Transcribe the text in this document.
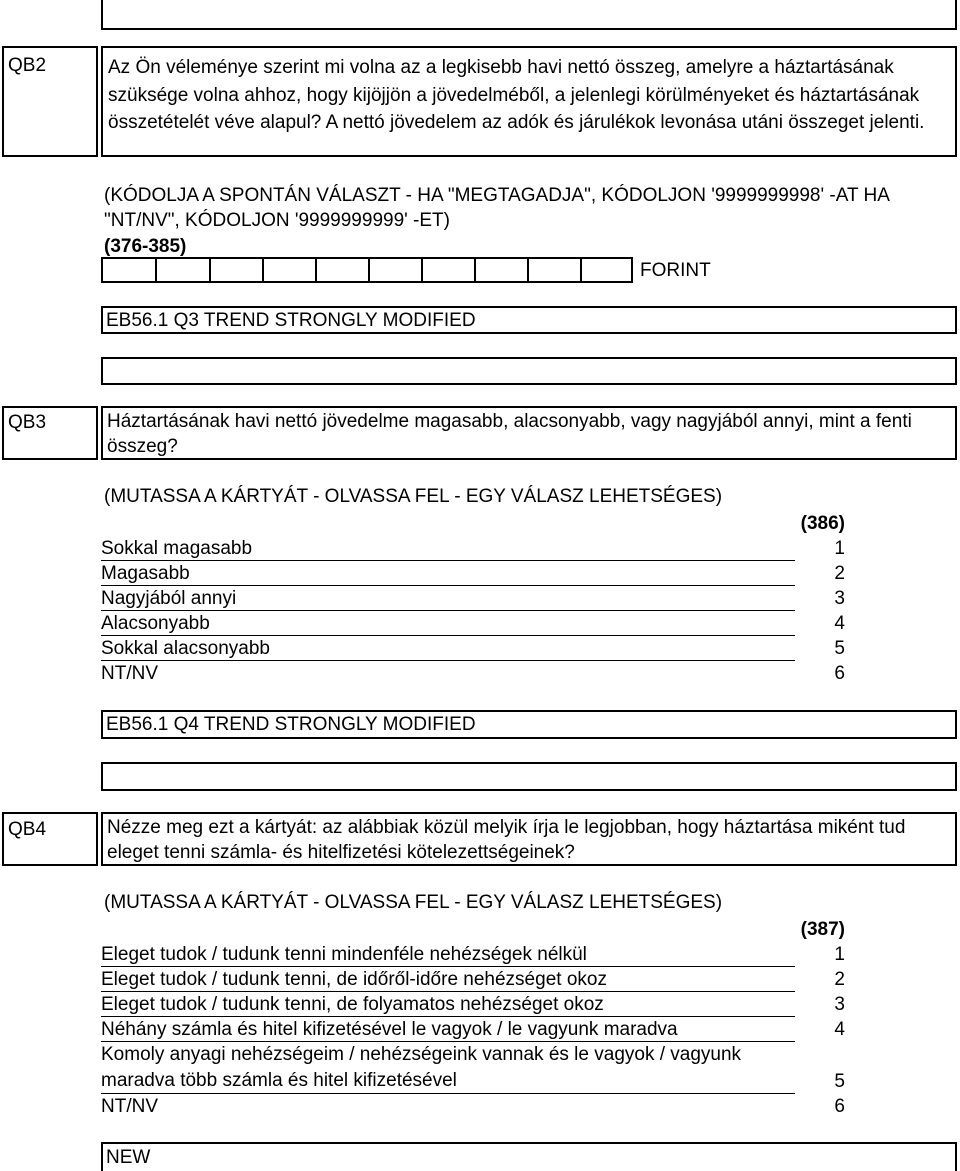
QB2	Az Ön véleménye szerint mi volna az a legkisebb havi nettó összeg, amelyre a háztartásának szüksége volna ahhoz, hogy kijöjjön a jövedelméből, a jelenlegi körülményeket és háztartásának összetételét véve alapul? A nettó jövedelem az adók és járulékok levonása utáni összeget jelenti.
(KÓDOLJA A SPONTÁN VÁLASZT - HA "MEGTAGADJA", KÓDOLJON '9999999998' -AT HA "NT/NV", KÓDOLJON '9999999999' -ET)
(376-385)
FORINT
EB56.1 Q3 TREND STRONGLY MODIFIED
QB3	Háztartásának havi nettó jövedelme magasabb, alacsonyabb, vagy nagyjából annyi, mint a fenti összeg?
(MUTASSA A KÁRTYÁT - OLVASSA FEL - EGY VÁLASZ LEHETSÉGES)
(386)
Sokkal magasabb	1
Magasabb	2
Nagyjából annyi	3
Alacsonyabb	4
Sokkal alacsonyabb	5
NT/NV	6
EB56.1 Q4 TREND STRONGLY MODIFIED
QB4	Nézze meg ezt a kártyát: az alábbiak közül melyik írja le legjobban, hogy háztartása miként tud eleget tenni számla- és hitelfizetési kötelezettségeinek?
(MUTASSA A KÁRTYÁT - OLVASSA FEL - EGY VÁLASZ LEHETSÉGES)
(387)
Eleget tudok / tudunk tenni mindenféle nehézségek nélkül	1
Eleget tudok / tudunk tenni, de időről-időre nehézséget okoz	2
Eleget tudok / tudunk tenni, de folyamatos nehézséget okoz	3
Néhány számla és hitel kifizetésével le vagyok / le vagyunk maradva	4
Komoly anyagi nehézségeim / nehézségeink vannak és le vagyok / vagyunk maradva több számla és hitel kifizetésével	5
NT/NV	6
NEW
